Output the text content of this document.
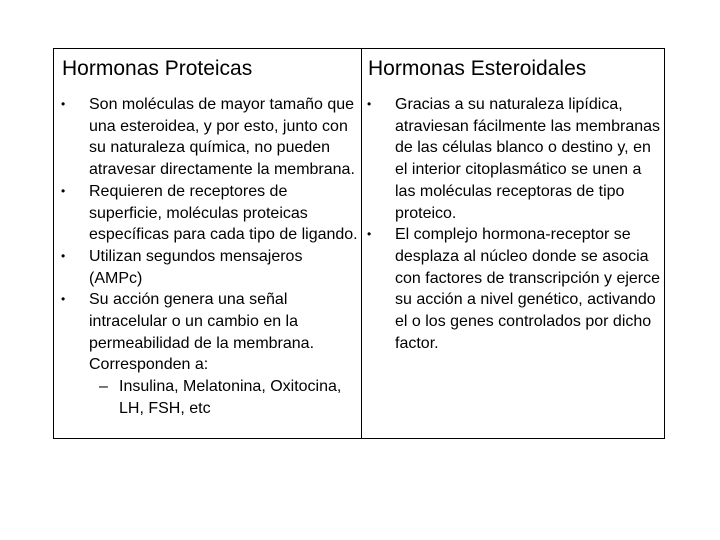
Hormonas Proteicas
• Son moléculas de mayor tamaño que una esteroidea, y por esto, junto con su naturaleza química, no pueden atravesar directamente la membrana.
• Requieren de receptores de superficie, moléculas proteicas específicas para cada tipo de ligando.
• Utilizan segundos mensajeros (AMPc)
• Su acción genera una señal intracelular o un cambio en la permeabilidad de la membrana. Corresponden a:
– Insulina, Melatonina, Oxitocina, LH, FSH, etc
Hormonas Esteroidales
• Gracias a su naturaleza lipídica, atraviesan fácilmente las membranas de las células blanco o destino y, en el interior citoplasmático se unen a las moléculas receptoras de tipo proteico.
• El complejo hormona-receptor se desplaza al núcleo donde se asocia con factores de transcripción y ejerce su acción a nivel genético, activando el o los genes controlados por dicho factor.
